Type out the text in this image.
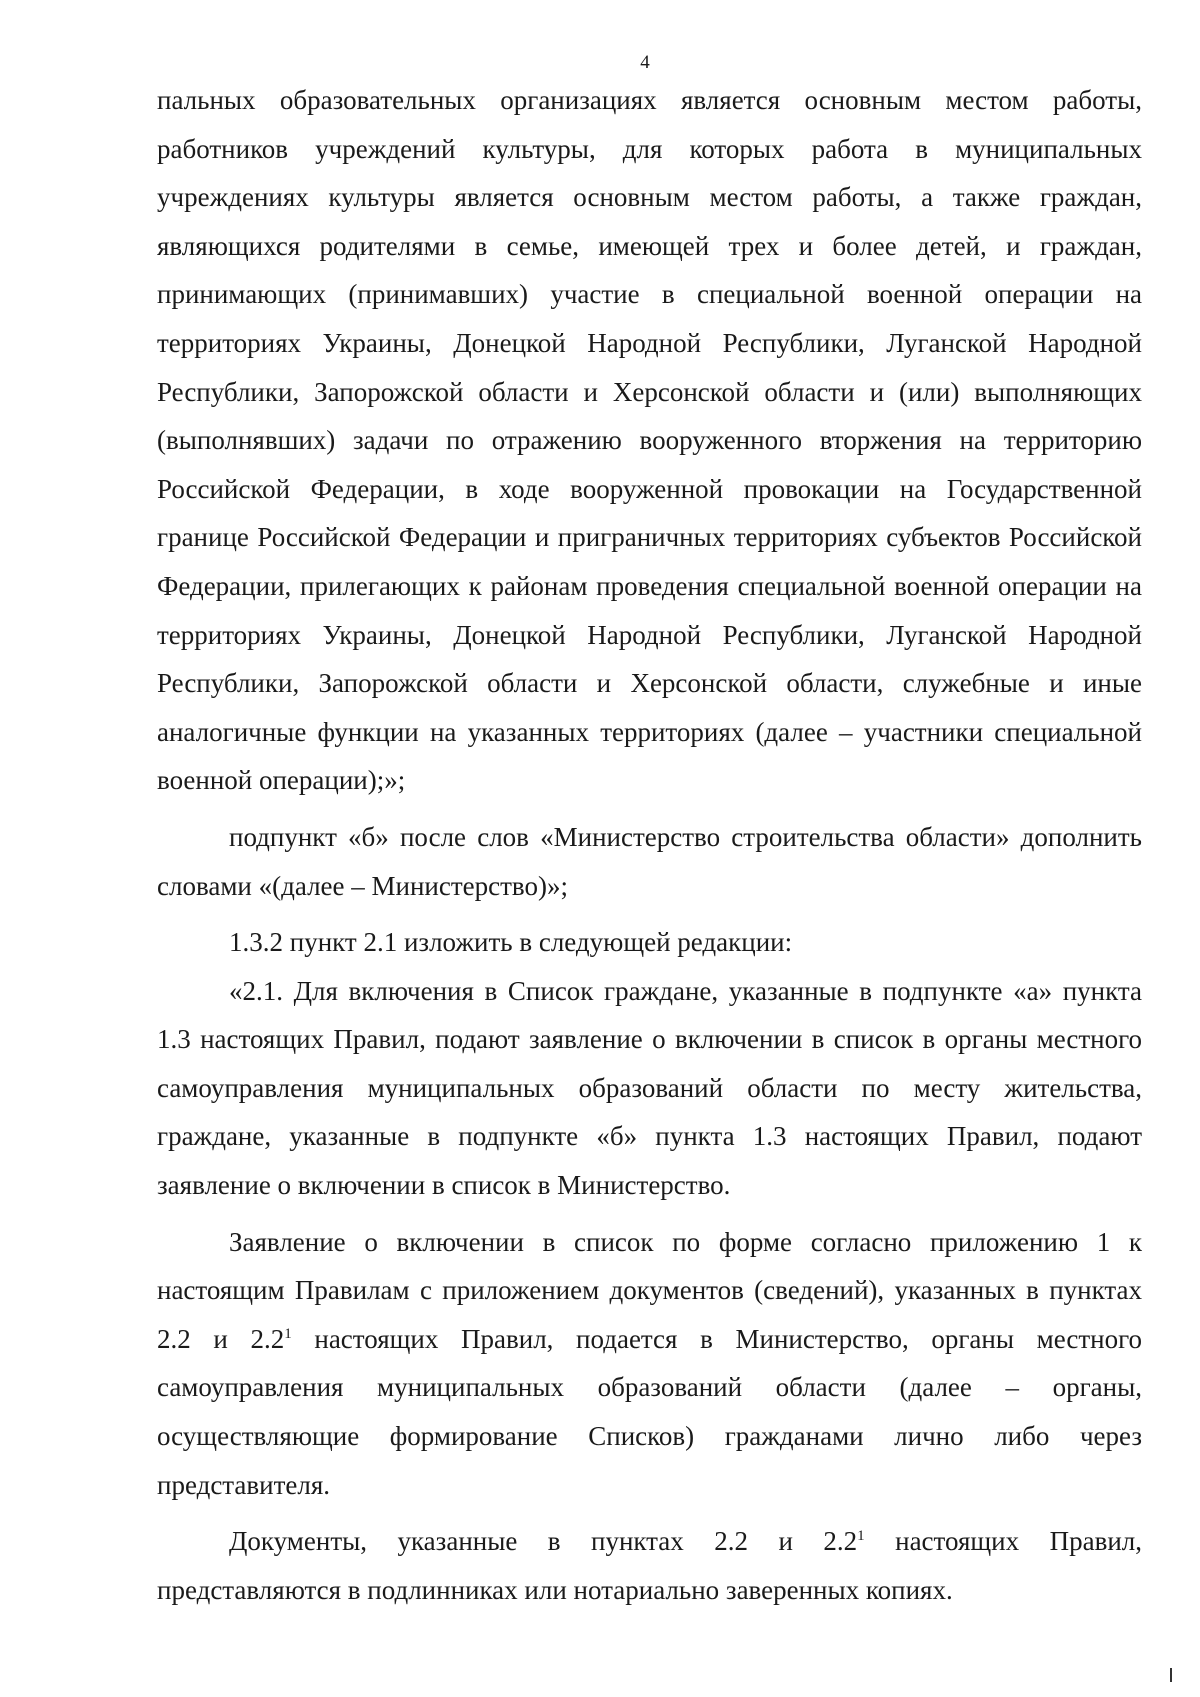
4

пальных образовательных организациях является основным местом работы, работников учреждений культуры, для которых работа в муниципальных учреждениях культуры является основным местом работы, а также граждан, являющихся родителями в семье, имеющей трех и более детей, и граждан, принимающих (принимавших) участие в специальной военной операции на территориях Украины, Донецкой Народной Республики, Луганской Народной Республики, Запорожской области и Херсонской области и (или) выполняющих (выполнявших) задачи по отражению вооруженного вторжения на территорию Российской Федерации, в ходе вооруженной провокации на Государственной границе Российской Федерации и приграничных территориях субъектов Российской Федерации, прилегающих к районам проведения специальной военной операции на территориях Украины, Донецкой Народной Республики, Луганской Народной Республики, Запорожской области и Херсонской области, служебные и иные аналогичные функции на указанных территориях (далее – участники специальной военной операции);»;

подпункт «б» после слов «Министерство строительства области» дополнить словами «(далее – Министерство)»;

1.3.2 пункт 2.1 изложить в следующей редакции:

«2.1. Для включения в Список граждане, указанные в подпункте «а» пункта 1.3 настоящих Правил, подают заявление о включении в список в органы местного самоуправления муниципальных образований области по месту жительства, граждане, указанные в подпункте «б» пункта 1.3 настоящих Правил, подают заявление о включении в список в Министерство.

Заявление о включении в список по форме согласно приложению 1 к настоящим Правилам с приложением документов (сведений), указанных в пунктах 2.2 и $2.2^1$ настоящих Правил, подается в Министерство, органы местного самоуправления муниципальных образований области (далее – органы, осуществляющие формирование Списков) гражданами лично либо через представителя.

Документы, указанные в пунктах 2.2 и $2.2^1$ настоящих Правил, представляются в подлинниках или нотариально заверенных копиях.
